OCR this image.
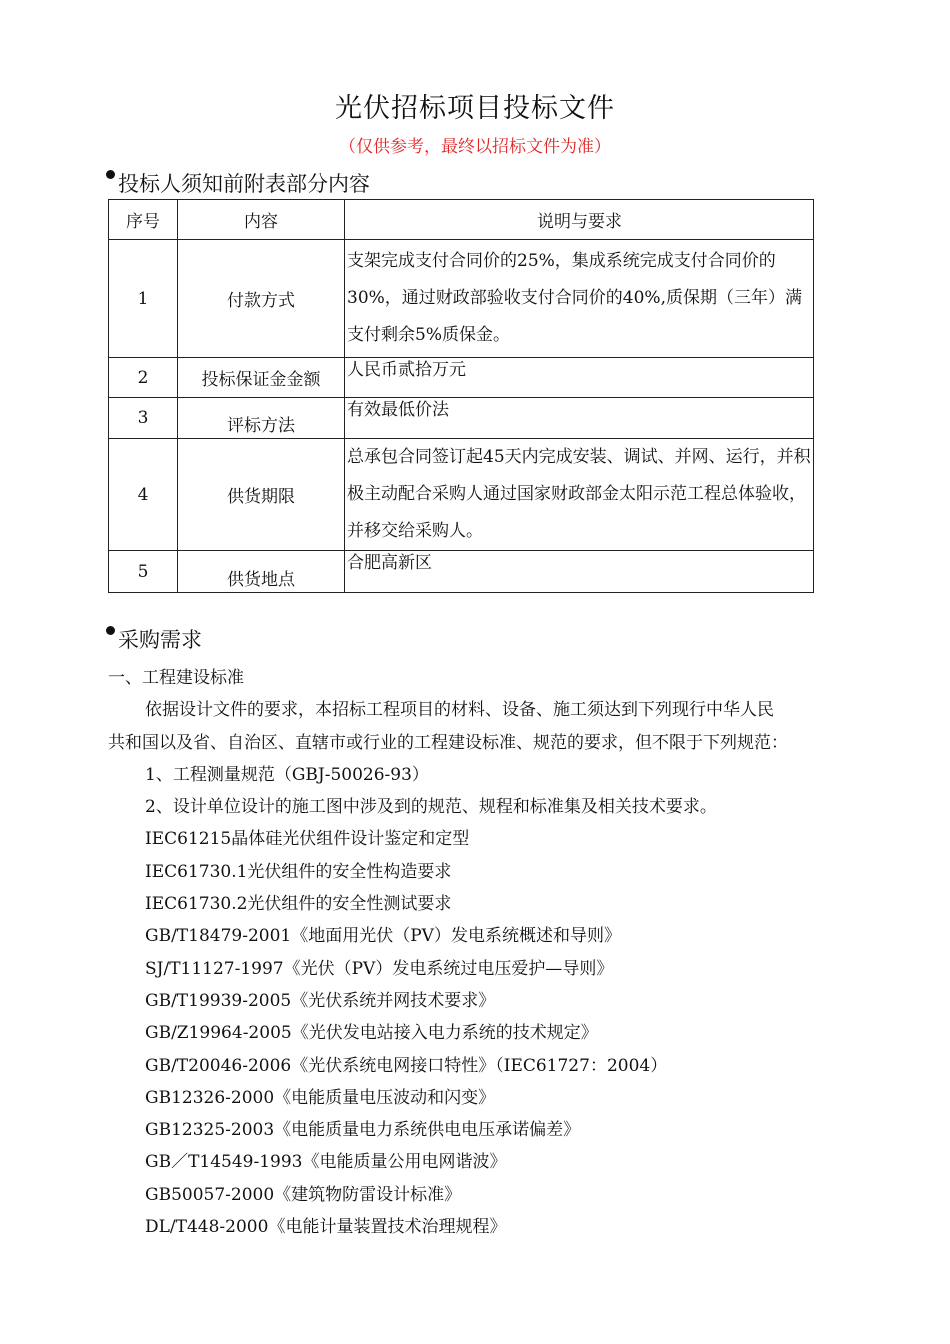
光伏招标项目投标文件
（仅供参考，最终以招标文件为准）
投标人须知前附表部分内容
序号	内容	说明与要求
1	付款方式	支架完成支付合同价的25%，集成系统完成支付合同价的30%，通过财政部验收支付合同价的40%,质保期（三年）满支付剩余5%质保金。
2	投标保证金金额	人民币贰拾万元
3	评标方法	有效最低价法
4	供货期限	总承包合同签订起45天内完成安装、调试、并网、运行，并积极主动配合采购人通过国家财政部金太阳示范工程总体验收，并移交给采购人。
5	供货地点	合肥高新区
采购需求
一、工程建设标准
依据设计文件的要求，本招标工程项目的材料、设备、施工须达到下列现行中华人民
共和国以及省、自治区、直辖市或行业的工程建设标准、规范的要求，但不限于下列规范：
1、工程测量规范（GBJ-50026-93）
2、设计单位设计的施工图中涉及到的规范、规程和标准集及相关技术要求。
IEC61215晶体硅光伏组件设计鉴定和定型
IEC61730.1光伏组件的安全性构造要求
IEC61730.2光伏组件的安全性测试要求
GB/T18479-2001《地面用光伏（PV）发电系统概述和导则》
SJ/T11127-1997《光伏（PV）发电系统过电压爱护—导则》
GB/T19939-2005《光伏系统并网技术要求》
GB/Z19964-2005《光伏发电站接入电力系统的技术规定》
GB/T20046-2006《光伏系统电网接口特性》（IEC61727：2004）
GB12326-2000《电能质量电压波动和闪变》
GB12325-2003《电能质量电力系统供电电压承诺偏差》
GB／T14549-1993《电能质量公用电网谐波》
GB50057-2000《建筑物防雷设计标准》
DL/T448-2000《电能计量装置技术治理规程》
